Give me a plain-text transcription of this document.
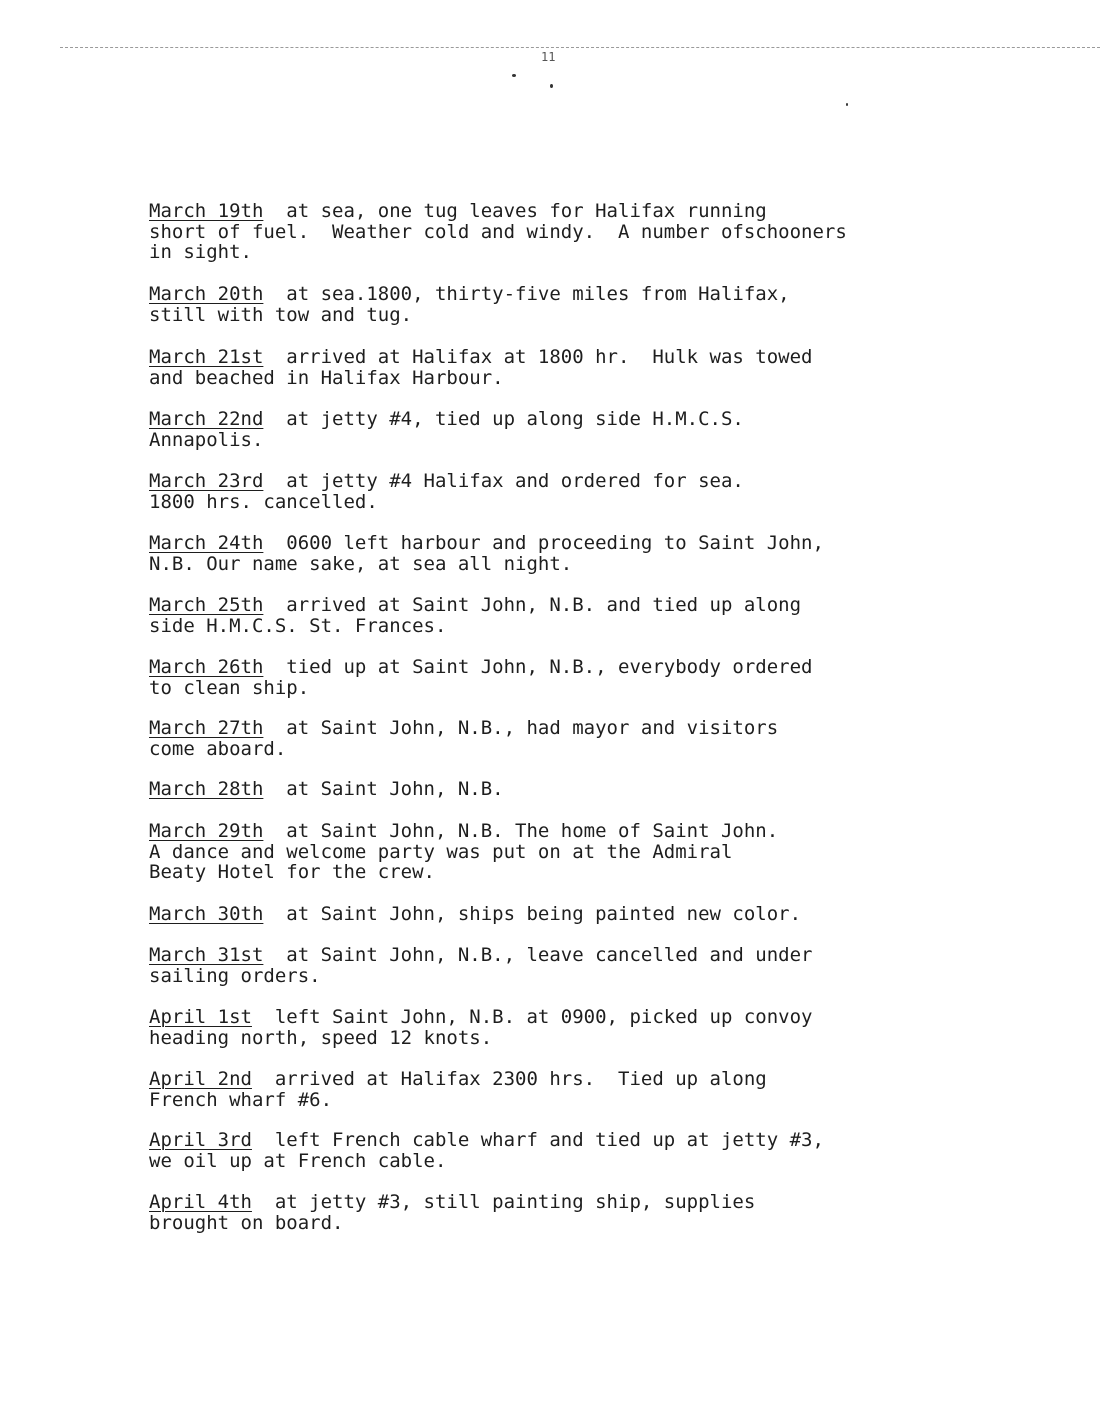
11

March 19th  at sea, one tug leaves for Halifax running
short of fuel.  Weather cold and windy.  A number ofschooners
in sight.

March 20th  at sea.1800, thirty-five miles from Halifax,
still with tow and tug.

March 21st  arrived at Halifax at 1800 hr.  Hulk was towed
and beached in Halifax Harbour.

March 22nd  at jetty #4, tied up along side H.M.C.S.
Annapolis.

March 23rd  at jetty #4 Halifax and ordered for sea.
1800 hrs. cancelled.

March 24th  0600 left harbour and proceeding to Saint John,
N.B. Our name sake, at sea all night.

March 25th  arrived at Saint John, N.B. and tied up along
side H.M.C.S. St. Frances.

March 26th  tied up at Saint John, N.B., everybody ordered
to clean ship.

March 27th  at Saint John, N.B., had mayor and visitors
come aboard.

March 28th  at Saint John, N.B.

March 29th  at Saint John, N.B. The home of Saint John.
A dance and welcome party was put on at the Admiral
Beaty Hotel for the crew.

March 30th  at Saint John, ships being painted new color.

March 31st  at Saint John, N.B., leave cancelled and under
sailing orders.

April 1st  left Saint John, N.B. at 0900, picked up convoy
heading north, speed 12 knots.

April 2nd  arrived at Halifax 2300 hrs.  Tied up along
French wharf #6.

April 3rd  left French cable wharf and tied up at jetty #3,
we oil up at French cable.

April 4th  at jetty #3, still painting ship, supplies
brought on board.
